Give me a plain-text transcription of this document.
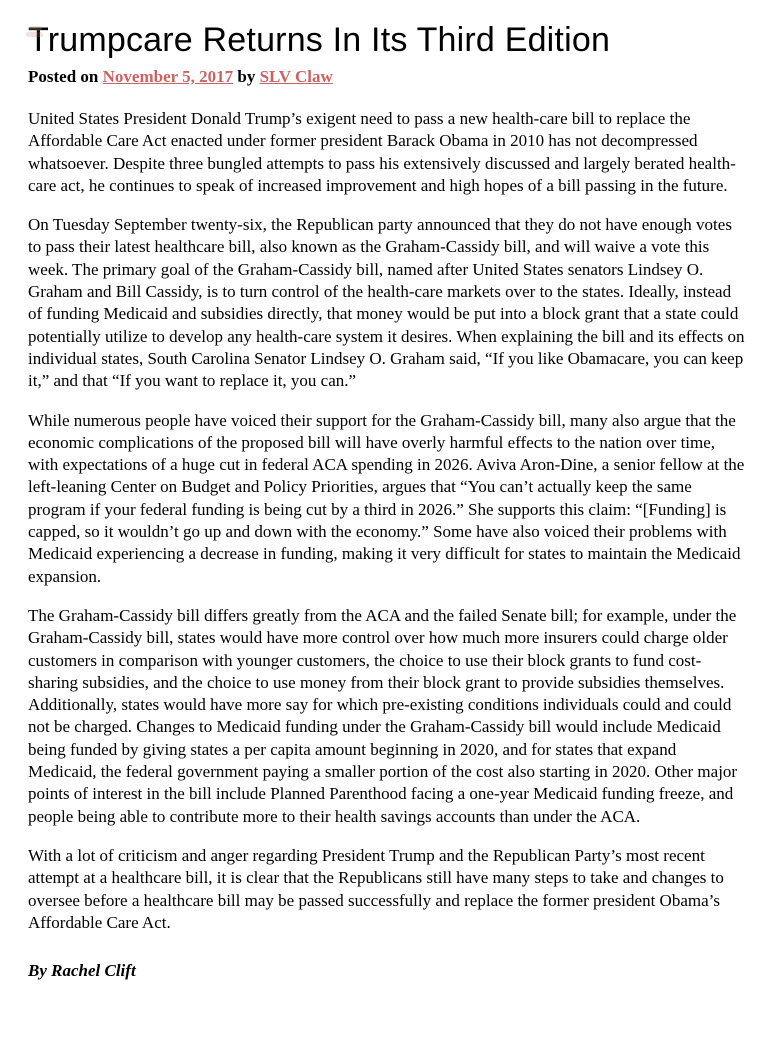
Trumpcare Returns In Its Third Edition
Posted on November 5, 2017 by SLV Claw

United States President Donald Trump’s exigent need to pass a new health-care bill to replace the Affordable Care Act enacted under former president Barack Obama in 2010 has not decompressed whatsoever. Despite three bungled attempts to pass his extensively discussed and largely berated health-care act, he continues to speak of increased improvement and high hopes of a bill passing in the future.

On Tuesday September twenty-six, the Republican party announced that they do not have enough votes to pass their latest healthcare bill, also known as the Graham-Cassidy bill, and will waive a vote this week. The primary goal of the Graham-Cassidy bill, named after United States senators Lindsey O. Graham and Bill Cassidy, is to turn control of the health-care markets over to the states. Ideally, instead of funding Medicaid and subsidies directly, that money would be put into a block grant that a state could potentially utilize to develop any health-care system it desires. When explaining the bill and its effects on individual states, South Carolina Senator Lindsey O. Graham said, “If you like Obamacare, you can keep it,” and that “If you want to replace it, you can.”

While numerous people have voiced their support for the Graham-Cassidy bill, many also argue that the economic complications of the proposed bill will have overly harmful effects to the nation over time, with expectations of a huge cut in federal ACA spending in 2026. Aviva Aron-Dine, a senior fellow at the left-leaning Center on Budget and Policy Priorities, argues that “You can’t actually keep the same program if your federal funding is being cut by a third in 2026.” She supports this claim: “[Funding] is capped, so it wouldn’t go up and down with the economy.” Some have also voiced their problems with Medicaid experiencing a decrease in funding, making it very difficult for states to maintain the Medicaid expansion.

The Graham-Cassidy bill differs greatly from the ACA and the failed Senate bill; for example, under the Graham-Cassidy bill, states would have more control over how much more insurers could charge older customers in comparison with younger customers, the choice to use their block grants to fund cost-sharing subsidies, and the choice to use money from their block grant to provide subsidies themselves. Additionally, states would have more say for which pre-existing conditions individuals could and could not be charged. Changes to Medicaid funding under the Graham-Cassidy bill would include Medicaid being funded by giving states a per capita amount beginning in 2020, and for states that expand Medicaid, the federal government paying a smaller portion of the cost also starting in 2020. Other major points of interest in the bill include Planned Parenthood facing a one-year Medicaid funding freeze, and people being able to contribute more to their health savings accounts than under the ACA.

With a lot of criticism and anger regarding President Trump and the Republican Party’s most recent attempt at a healthcare bill, it is clear that the Republicans still have many steps to take and changes to oversee before a healthcare bill may be passed successfully and replace the former president Obama’s Affordable Care Act.

By Rachel Clift
